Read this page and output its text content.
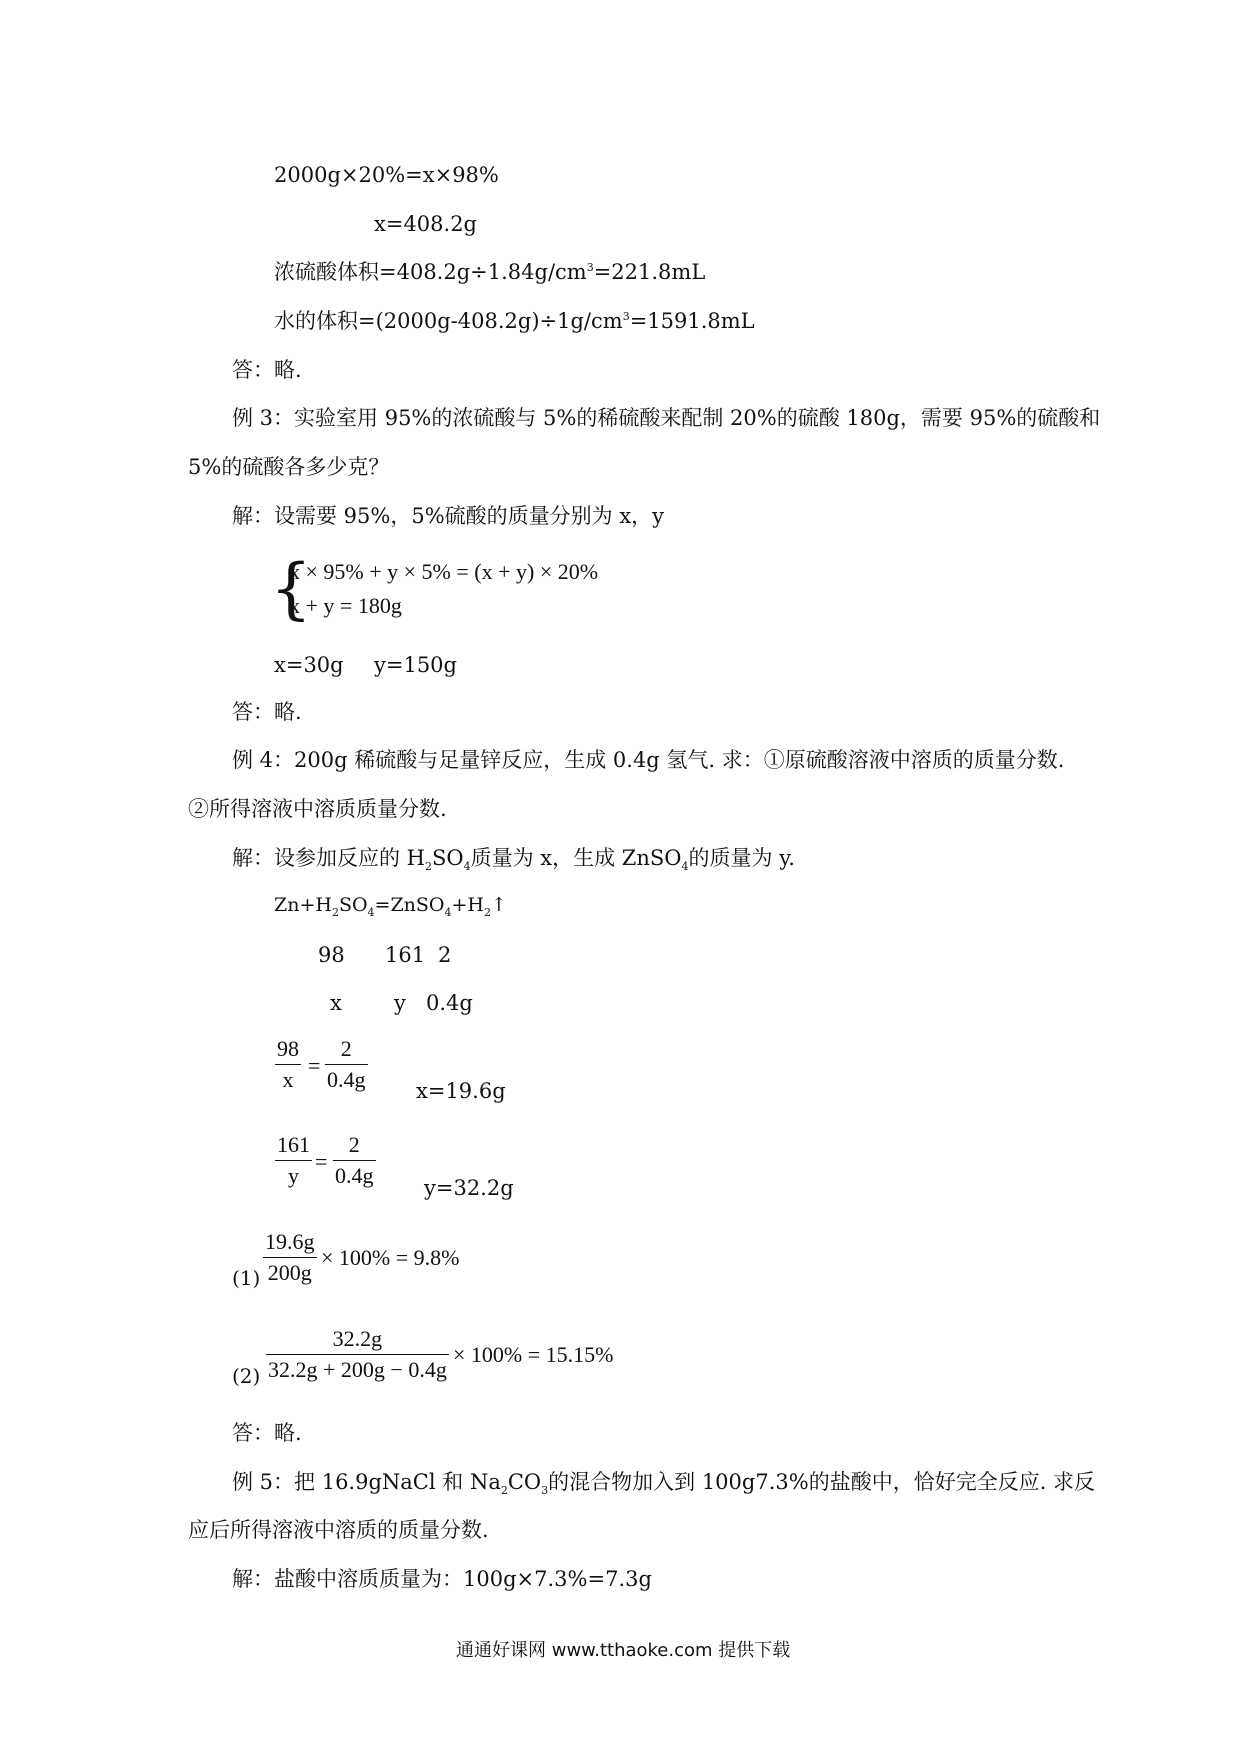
2000g×20%=x×98%
x=408.2g
浓硫酸体积$=408.2g\div 1.84g/cm^3=221.8mL$
水的体积$=(2000g-408.2g)\div 1g/cm^3=1591.8mL$
答：略.
例 3：实验室用 95%的浓硫酸与 5%的稀硫酸来配制 20%的硫酸 180g，需要 95%的硫酸和
5%的硫酸各多少克？
解：设需要 95%，5%硫酸的质量分别为 x，y
{
x × 95% + y × 5% = (x + y) × 20%
x + y = 180g
x=30g y=150g
答：略.
例 4：200g 稀硫酸与足量锌反应，生成 0.4g 氢气. 求：①原硫酸溶液中溶质的质量分数.
②所得溶液中溶质质量分数.
解：设参加反应的 $H_2SO_4$质量为 x，生成 ZnSO$_4$的质量为 y.
$Zn+H_2SO_4=ZnSO_4+H_2↑$
98 161 2
x y 0.4g
98
x
=
2
0.4g x=19.6g
161
y
=
2
0.4g y=32.2g
(1)
19.6g
200g
× 100% = 9.8%
(2)
32.2g
32.2g + 200g − 0.4g
× 100% = 15.15%
答：略.
例 5：把 16.9gNaCl 和 $Na_2CO_3$的混合物加入到 100g7.3%的盐酸中，恰好完全反应. 求反
应后所得溶液中溶质的质量分数.
解：盐酸中溶质质量为：100g×7.3%=7.3g
通通好课网 www.tthaoke.com 提供下载
